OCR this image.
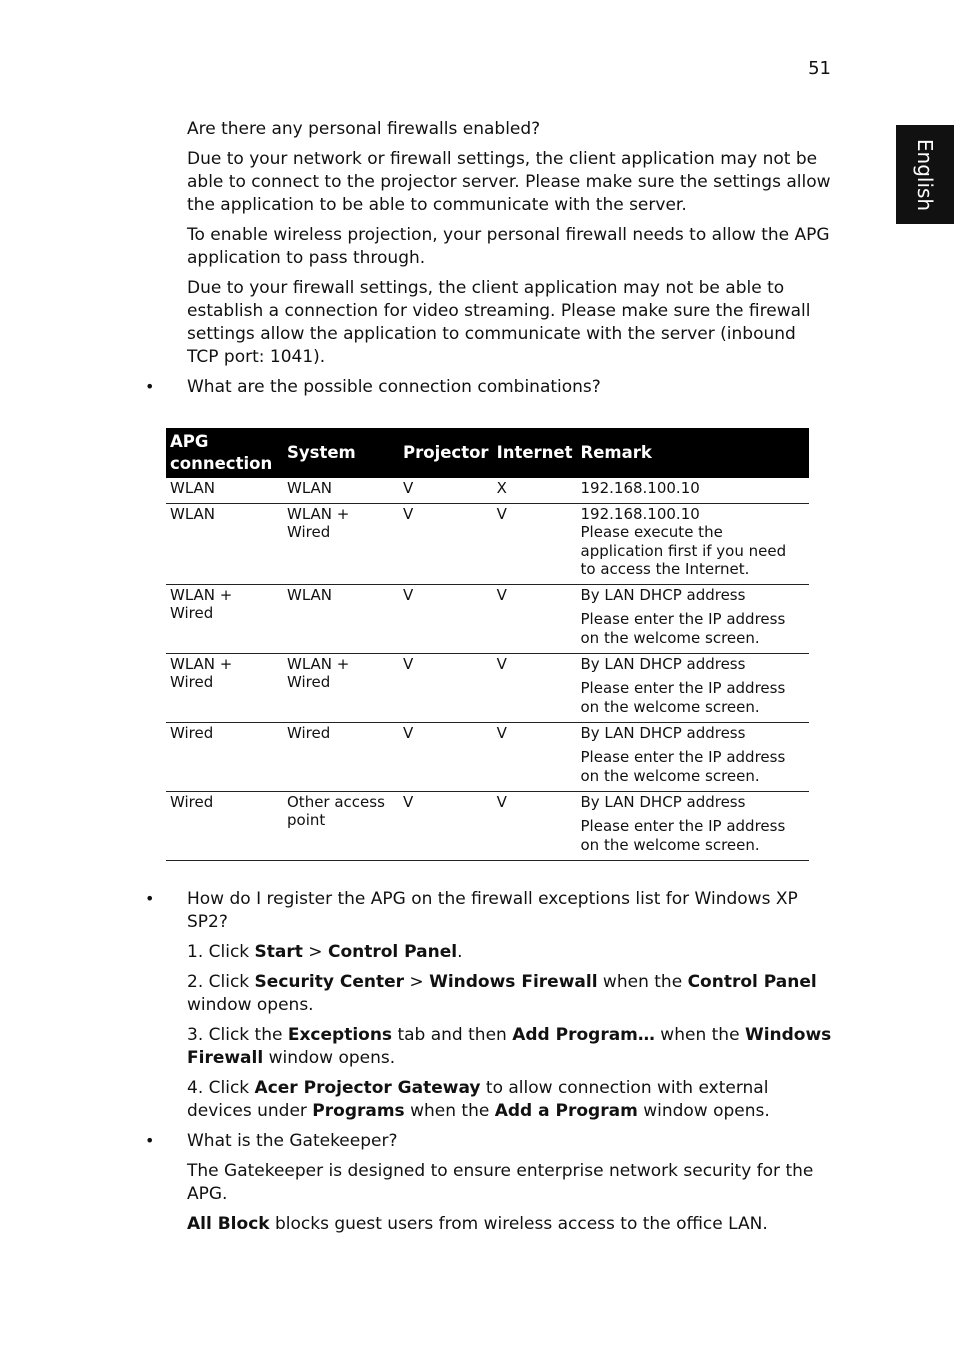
51
English

Are there any personal firewalls enabled?

Due to your network or firewall settings, the client application may not be able to connect to the projector server. Please make sure the settings allow the application to be able to communicate with the server.

To enable wireless projection, your personal firewall needs to allow the APG application to pass through.

Due to your firewall settings, the client application may not be able to establish a connection for video streaming. Please make sure the firewall settings allow the application to communicate with the server (inbound TCP port: 1041).

• What are the possible connection combinations?

APG connection	System	Projector	Internet	Remark
WLAN	WLAN	V	X	192.168.100.10

WLAN	WLAN + Wired	V	V	192.168.100.10
Please execute the application first if you need to access the Internet.

WLAN + Wired	WLAN	V	V	By LAN DHCP address
Please enter the IP address on the welcome screen.

WLAN + Wired	WLAN + Wired	V	V	By LAN DHCP address
Please enter the IP address on the welcome screen.

Wired	Wired	V	V	By LAN DHCP address
Please enter the IP address on the welcome screen.

Wired	Other access point	V	V	By LAN DHCP address
Please enter the IP address on the welcome screen.
• How do I register the APG on the firewall exceptions list for Windows XP SP2?

1. Click Start > Control Panel.

2. Click Security Center > Windows Firewall when the Control Panel window opens.

3. Click the Exceptions tab and then Add Program… when the Windows Firewall window opens.

4. Click Acer Projector Gateway to allow connection with external devices under Programs when the Add a Program window opens.

• What is the Gatekeeper?

The Gatekeeper is designed to ensure enterprise network security for the APG.

All Block blocks guest users from wireless access to the office LAN.
